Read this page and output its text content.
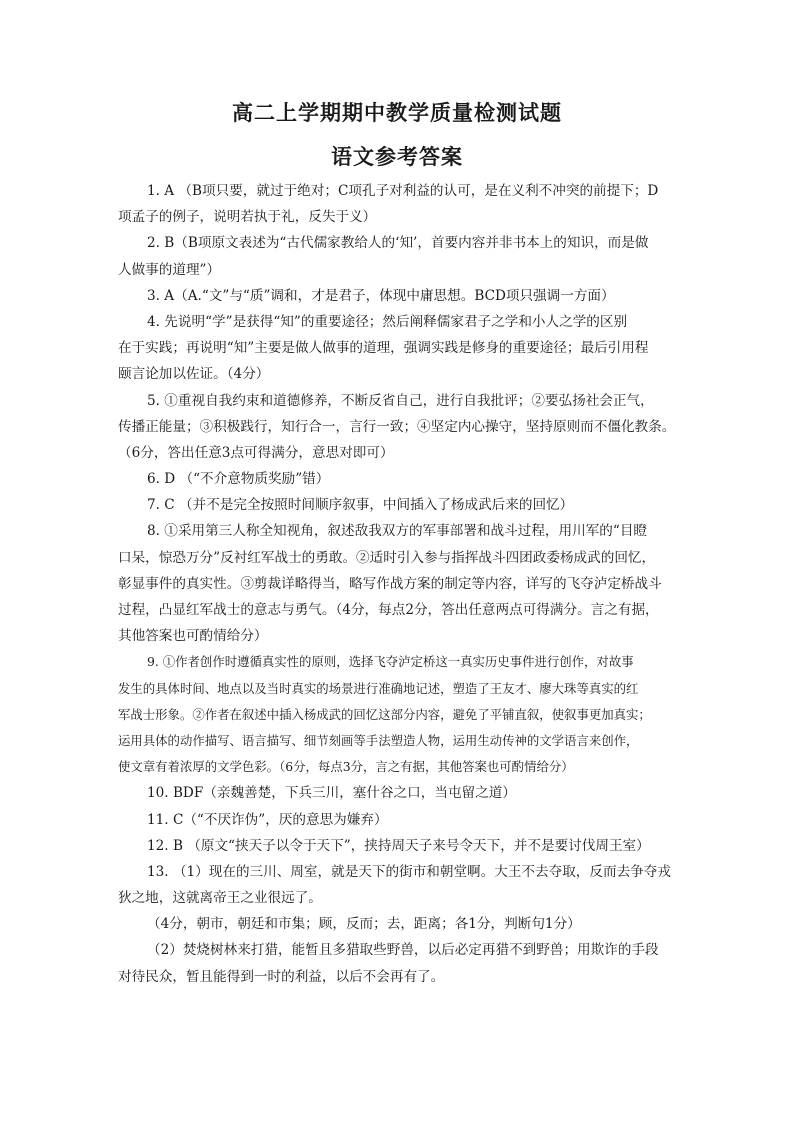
高二上学期期中教学质量检测试题
语文参考答案
1. A （B项只要，就过于绝对；C项孔子对利益的认可，是在义利不冲突的前提下；D
项孟子的例子，说明若执于礼，反失于义）
2. B（B项原文表述为“古代儒家教给人的‘知’，首要内容并非书本上的知识，而是做
人做事的道理”）
3. A（A.“文”与“质”调和，才是君子，体现中庸思想。BCD项只强调一方面）
4. 先说明“学”是获得“知”的重要途径；然后阐释儒家君子之学和小人之学的区别
在于实践；再说明“知”主要是做人做事的道理，强调实践是修身的重要途径；最后引用程
颐言论加以佐证。（4分）
5. ①重视自我约束和道德修养，不断反省自己，进行自我批评；②要弘扬社会正气，
传播正能量；③积极践行，知行合一，言行一致；④坚定内心操守，坚持原则而不僵化教条。
（6分，答出任意3点可得满分，意思对即可）
6. D （“不介意物质奖励”错）
7. C （并不是完全按照时间顺序叙事，中间插入了杨成武后来的回忆）
8. ①采用第三人称全知视角，叙述敌我双方的军事部署和战斗过程，用川军的“目瞪
口呆，惊恐万分”反衬红军战士的勇敢。②适时引入参与指挥战斗四团政委杨成武的回忆，
彰显事件的真实性。③剪裁详略得当，略写作战方案的制定等内容，详写的飞夺泸定桥战斗
过程，凸显红军战士的意志与勇气。（4分，每点2分，答出任意两点可得满分。言之有据，
其他答案也可酌情给分）
9. ①作者创作时遵循真实性的原则，选择飞夺泸定桥这一真实历史事件进行创作，对故事
发生的具体时间、地点以及当时真实的场景进行准确地记述，塑造了王友才、廖大珠等真实的红
军战士形象。②作者在叙述中插入杨成武的回忆这部分内容，避免了平铺直叙，使叙事更加真实；
运用具体的动作描写、语言描写、细节刻画等手法塑造人物，运用生动传神的文学语言来创作，
使文章有着浓厚的文学色彩。（6分，每点3分，言之有据，其他答案也可酌情给分）
10. BDF（亲魏善楚，下兵三川，塞什谷之口，当屯留之道）
11. C（“不厌诈伪”，厌的意思为嫌弃）
12. B （原文“挟天子以令于天下”，挟持周天子来号令天下，并不是要讨伐周王室）
13. （1）现在的三川、周室，就是天下的街市和朝堂啊。大王不去夺取，反而去争夺戎
狄之地，这就离帝王之业很远了。
（4分，朝市，朝廷和市集；顾，反而；去，距离；各1分，判断句1分）
（2）焚烧树林来打猎，能暂且多猎取些野兽，以后必定再猎不到野兽；用欺诈的手段
对待民众，暂且能得到一时的利益，以后不会再有了。
